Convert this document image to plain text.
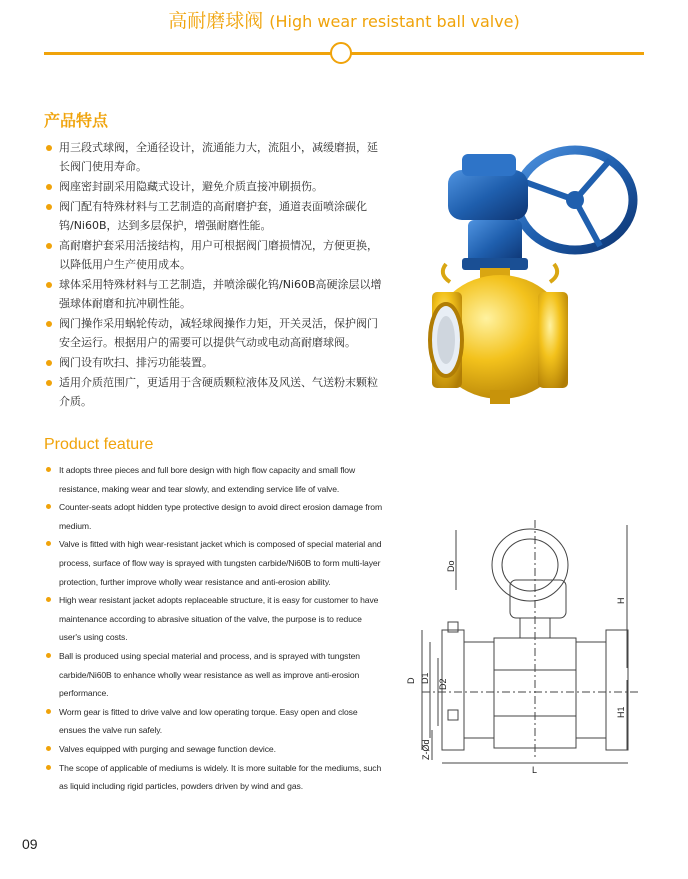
高耐磨球阀 (High wear resistant ball valve)
产品特点
用三段式球阀，全通径设计，流通能力大，流阻小，减缓磨损，延长阀门使用寿命。
阀座密封副采用隐藏式设计，避免介质直接冲刷损伤。
阀门配有特殊材料与工艺制造的高耐磨护套，通道表面喷涂碳化钨/Ni60B，达到多层保护，增强耐磨性能。
高耐磨护套采用活接结构，用户可根据阀门磨损情况，方便更换，以降低用户生产使用成本。
球体采用特殊材料与工艺制造，并喷涂碳化钨/Ni60B高硬涂层以增强球体耐磨和抗冲刷性能。
阀门操作采用蜗轮传动，减轻球阀操作力矩，开关灵活，保护阀门安全运行。根据用户的需要可以提供气动或电动高耐磨球阀。
阀门设有吹扫、排污功能装置。
适用介质范围广，更适用于含硬质颗粒液体及风送、气送粉末颗粒介质。
Product feature
It adopts three pieces and full bore design with high flow capacity and small flow resistance, making wear and tear slowly, and extending service life of valve.
Counter-seats adopt hidden type protective design to avoid direct erosion damage from medium.
Valve is fitted with high wear-resistant jacket which is composed of special material and process, surface of flow way is sprayed with tungsten carbide/Ni60B to form multi-layer protection, further improve wholly wear resistance and anti-erosion ability.
High wear resistant jacket adopts replaceable structure, it is easy for customer to have maintenance according to abrasive situation of the valve, the purpose is to reduce user's using costs.
Ball is produced using special material and process, and is sprayed with tungsten carbide/Ni60B to enhance wholly wear resistance as well as improve anti-erosion performance.
Worm gear is fitted to drive valve and low operating torque. Easy open and close ensues the valve run safely.
Valves equipped with purging and sewage function device.
The scope of applicable of mediums is widely. It is more suitable for the mediums, such as liquid including rigid particles, powders driven by wind and gas.
Do
H
D D1
D2
H1
Z-Ød
L
09
